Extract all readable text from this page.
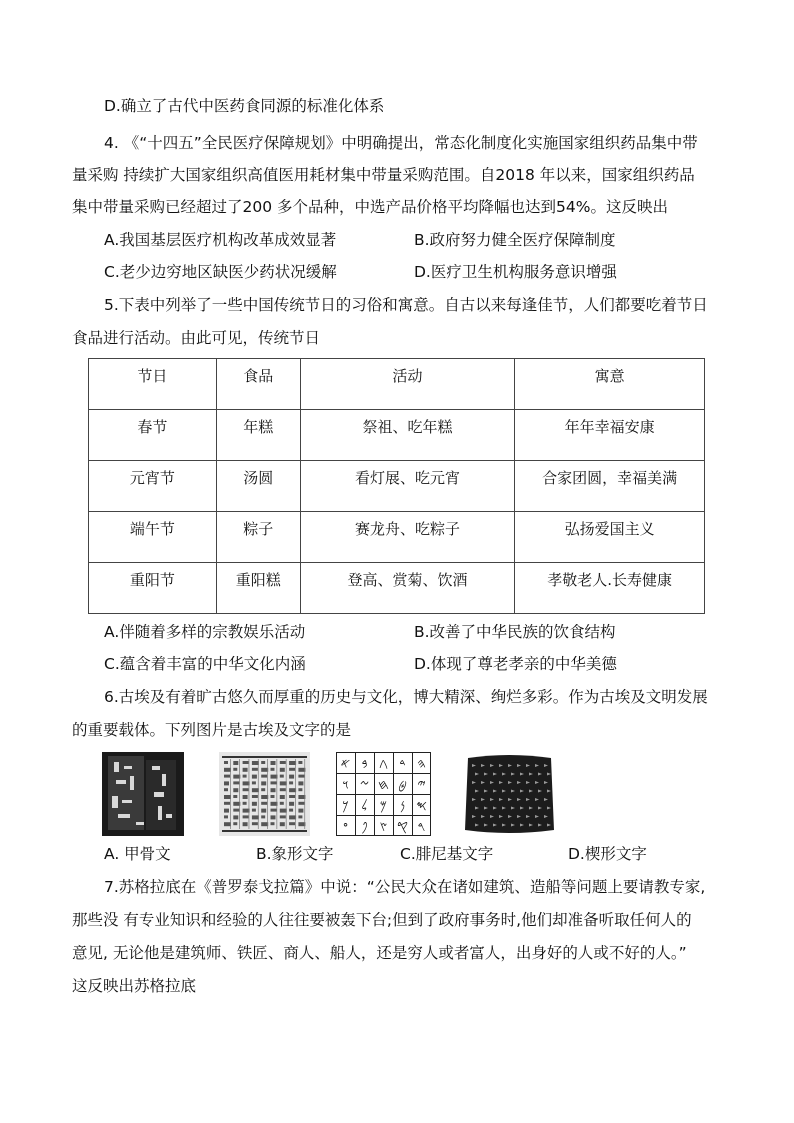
D.确立了古代中医药食同源的标准化体系
4. 《“十四五”全民医疗保障规划》中明确提出，常态化制度化实施国家组织药品集中带
量采购 持续扩大国家组织高值医用耗材集中带量采购范围。自2018 年以来，国家组织药品
集中带量采购已经超过了200 多个品种，中选产品价格平均降幅也达到54%。这反映出
A.我国基层医疗机构改革成效显著	B.政府努力健全医疗保障制度
C.老少边穷地区缺医少药状况缓解	D.医疗卫生机构服务意识增强
5.下表中列举了一些中国传统节日的习俗和寓意。自古以来每逢佳节，人们都要吃着节日
食品进行活动。由此可见，传统节日
节日	食品	活动	寓意
春节	年糕	祭祖、吃年糕	年年幸福安康
元宵节	汤圆	看灯展、吃元宵	合家团圆，幸福美满
端午节	粽子	赛龙舟、吃粽子	弘扬爱国主义
重阳节	重阳糕	登高、赏菊、饮酒	孝敬老人.长寿健康
A.伴随着多样的宗教娱乐活动	B.改善了中华民族的饮食结构
C.蕴含着丰富的中华文化内涵	D.体现了尊老孝亲的中华美德
6.古埃及有着旷古悠久而厚重的历史与文化，博大精深、绚烂多彩。作为古埃及文明发展
的重要载体。下列图片是古埃及文字的是
𐤀 𐤁 𐤂 𐤃 𐤄
𐤅 𐤆 𐤇 𐤈 𐤉
𐤊 𐤋 𐤌 𐤍 𐤎
𐤏 𐤐 𐤑 𐤒 𐤓
A. 甲骨文	B.象形文字	C.腓尼基文字	D.楔形文字
7.苏格拉底在《普罗泰戈拉篇》中说：“公民大众在诸如建筑、造船等问题上要请教专家,
那些没 有专业知识和经验的人往往要被轰下台;但到了政府事务时,他们却准备听取任何人的
意见, 无论他是建筑师、铁匠、商人、船人，还是穷人或者富人，出身好的人或不好的人。”
这反映出苏格拉底
